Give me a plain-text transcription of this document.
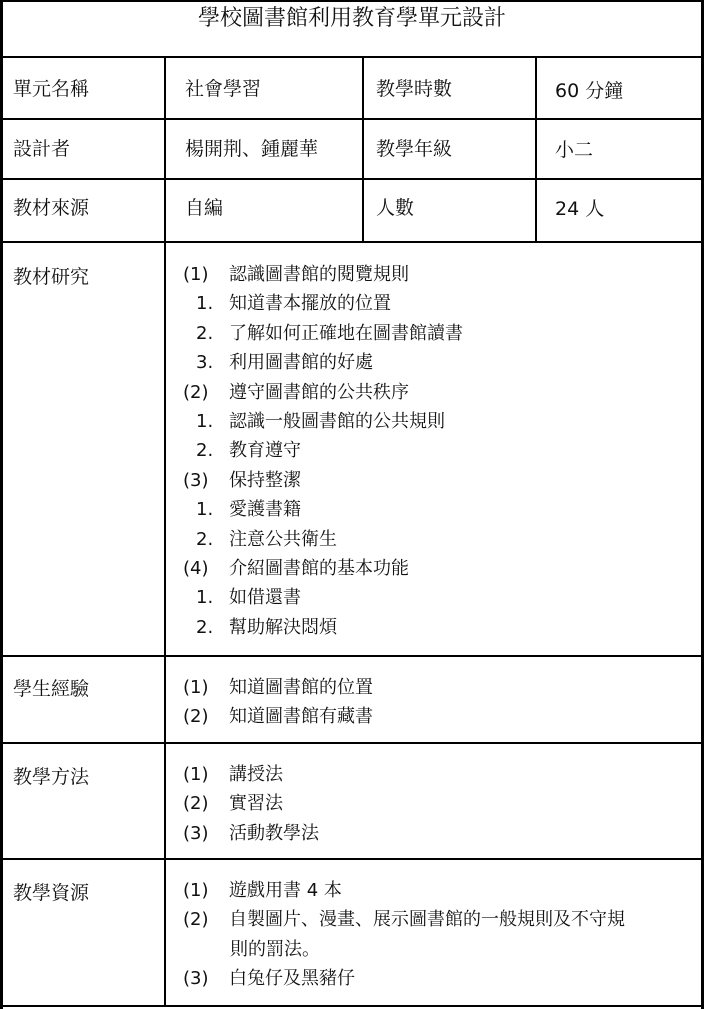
學校圖書館利用教育學單元設計
單元名稱	社會學習	教學時數	60 分鐘
設計者	楊開荆、鍾麗華	教學年級	小二
教材來源	自編	人數	24 人
教材研究	(1) 認識圖書館的閱覽規則
1. 知道書本擺放的位置
2. 了解如何正確地在圖書館讀書
3. 利用圖書館的好處
(2) 遵守圖書館的公共秩序
1. 認識一般圖書館的公共規則
2. 教育遵守
(3) 保持整潔
1. 愛護書籍
2. 注意公共衛生
(4) 介紹圖書館的基本功能
1. 如借還書
2. 幫助解決悶煩
學生經驗	(1) 知道圖書館的位置
(2) 知道圖書館有藏書
教學方法	(1) 講授法
(2) 實習法
(3) 活動教學法
教學資源	(1) 遊戲用書 4 本
(2) 自製圖片、漫畫、展示圖書館的一般規則及不守規
則的罰法。
(3) 白兔仔及黑豬仔
